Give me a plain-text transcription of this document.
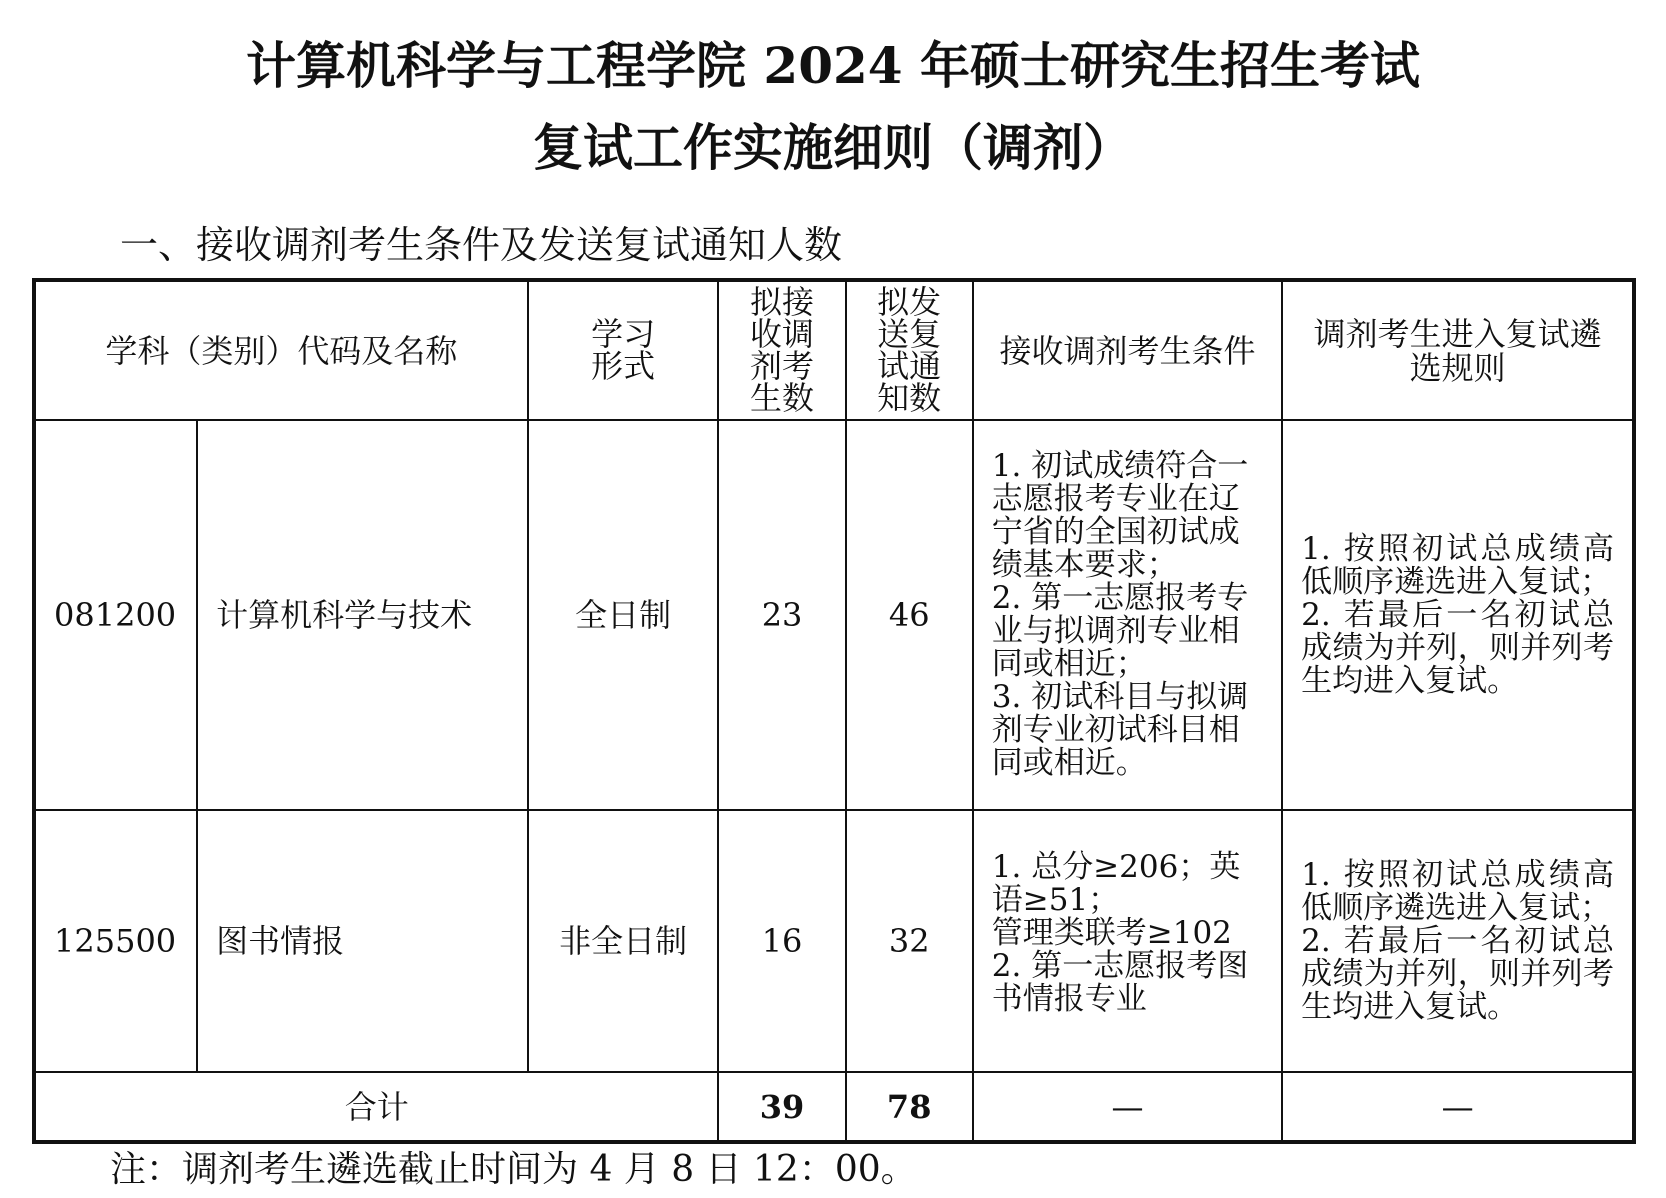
计算机科学与工程学院 2024 年硕士研究生招生考试
复试工作实施细则（调剂）
一、接收调剂考生条件及发送复试通知人数
学科（类别）代码及名称		学习形式	拟接收调剂考生数	拟发送复试通知数	接收调剂考生条件	调剂考生进入复试遴选规则
081200	计算机科学与技术	全日制	23	46	1. 初试成绩符合一志愿报考专业在辽宁省的全国初试成绩基本要求；
2. 第一志愿报考专业与拟调剂专业相同或相近；
3. 初试科目与拟调剂专业初试科目相同或相近。	1. 按照初试总成绩高低顺序遴选进入复试；
2. 若最后一名初试总成绩为并列，则并列考生均进入复试。

125500	图书情报	非全日制	16	32	1. 总分≥206；英语≥51；
管理类联考≥102
2. 第一志愿报考图书情报专业	1. 按照初试总成绩高低顺序遴选进入复试；
2. 若最后一名初试总成绩为并列，则并列考生均进入复试。

合计			39	78	—	—
注：调剂考生遴选截止时间为 4 月 8 日 12：00。
